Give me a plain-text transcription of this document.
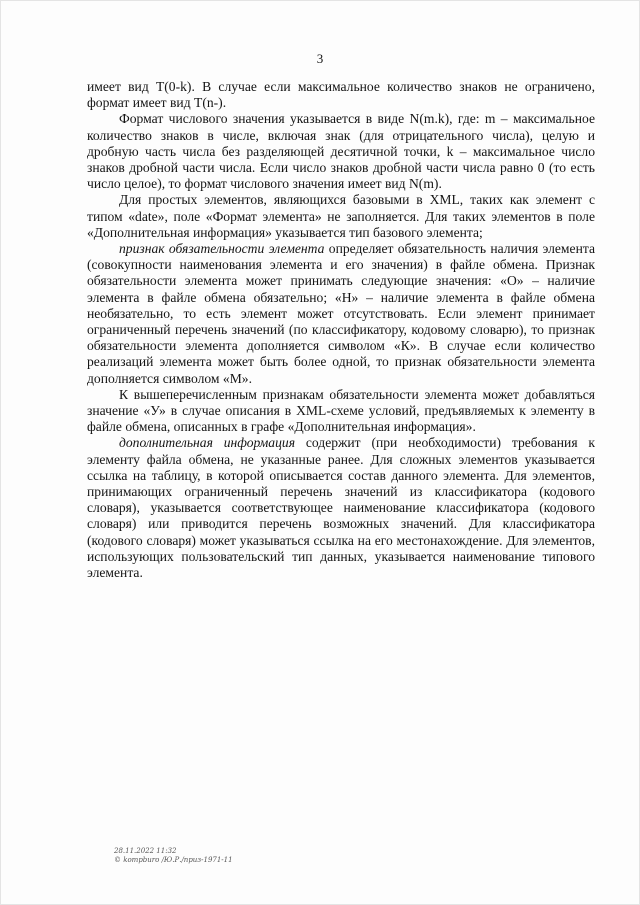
3

имеет вид T(0-k). В случае если максимальное количество знаков не ограничено, формат имеет вид T(n-).

Формат числового значения указывается в виде N(m.k), где: m – максимальное количество знаков в числе, включая знак (для отрицательного числа), целую и дробную часть числа без разделяющей десятичной точки, k – максимальное число знаков дробной части числа. Если число знаков дробной части числа равно 0 (то есть число целое), то формат числового значения имеет вид N(m).

Для простых элементов, являющихся базовыми в XML, таких как элемент с типом «date», поле «Формат элемента» не заполняется. Для таких элементов в поле «Дополнительная информация» указывается тип базового элемента;

признак обязательности элемента определяет обязательность наличия элемента (совокупности наименования элемента и его значения) в файле обмена. Признак обязательности элемента может принимать следующие значения: «О» – наличие элемента в файле обмена обязательно; «Н» – наличие элемента в файле обмена необязательно, то есть элемент может отсутствовать. Если элемент принимает ограниченный перечень значений (по классификатору, кодовому словарю), то признак обязательности элемента дополняется символом «К». В случае если количество реализаций элемента может быть более одной, то признак обязательности элемента дополняется символом «М».

К вышеперечисленным признакам обязательности элемента может добавляться значение «У» в случае описания в XML-схеме условий, предъявляемых к элементу в файле обмена, описанных в графе «Дополнительная информация».

дополнительная информация содержит (при необходимости) требования к элементу файла обмена, не указанные ранее. Для сложных элементов указывается ссылка на таблицу, в которой описывается состав данного элемента. Для элементов, принимающих ограниченный перечень значений из классификатора (кодового словаря), указывается соответствующее наименование классификатора (кодового словаря) или приводится перечень возможных значений. Для классификатора (кодового словаря) может указываться ссылка на его местонахождение. Для элементов, использующих пользовательский тип данных, указывается наименование типового элемента.

28.11.2022 11:32
© kompburo /Ю.Р./приз-1971-11
